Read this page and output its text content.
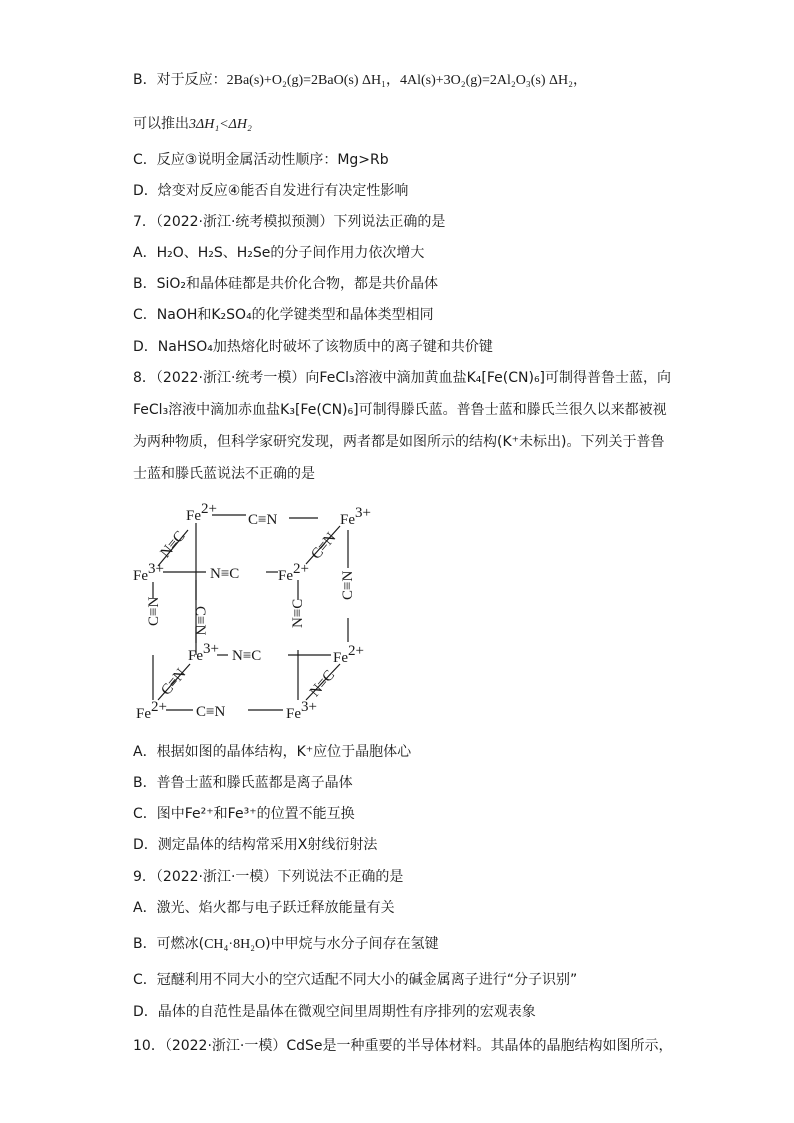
B．对于反应：2Ba(s)+O₂(g)=2BaO(s) ΔH₁，4Al(s)+3O₂(g)=2Al₂O₃(s) ΔH₂，
可以推出3ΔH₁<ΔH₂
C．反应③说明金属活动性顺序：Mg>Rb
D．焓变对反应④能否自发进行有决定性影响
7．（2022·浙江·统考模拟预测）下列说法正确的是
A．H₂O、H₂S、H₂Se的分子间作用力依次增大
B．SiO₂和晶体硅都是共价化合物，都是共价晶体
C．NaOH和K₂SO₄的化学键类型和晶体类型相同
D．NaHSO₄加热熔化时破坏了该物质中的离子键和共价键
8．（2022·浙江·统考一模）向FeCl₃溶液中滴加黄血盐K₄[Fe(CN)₆]可制得普鲁士蓝，向
FeCl₃溶液中滴加赤血盐K₃[Fe(CN)₆]可制得滕氏蓝。普鲁士蓝和滕氏兰很久以来都被视
为两种物质，但科学家研究发现，两者都是如图所示的结构(K⁺未标出)。下列关于普鲁
士蓝和滕氏蓝说法不正确的是
Fe2+
C≡N	Fe3+
Fe3+	N≡C	Fe2+
C≡N C≡N	N≡C
C≡N
Fe3+ N≡C	Fe2+
Fe2+ C≡N	Fe3+
N≡C	C≡N
C≡N	N≡C
A．根据如图的晶体结构，K⁺应位于晶胞体心
B．普鲁士蓝和滕氏蓝都是离子晶体
C．图中Fe²⁺和Fe³⁺的位置不能互换
D．测定晶体的结构常采用X射线衍射法
9．（2022·浙江·一模）下列说法不正确的是
A．激光、焰火都与电子跃迁释放能量有关
B．可燃冰(CH₄·8H₂O)中甲烷与水分子间存在氢键
C．冠醚利用不同大小的空穴适配不同大小的碱金属离子进行“分子识别”
D．晶体的自范性是晶体在微观空间里周期性有序排列的宏观表象
10．（2022·浙江·一模）CdSe是一种重要的半导体材料。其晶体的晶胞结构如图所示，
